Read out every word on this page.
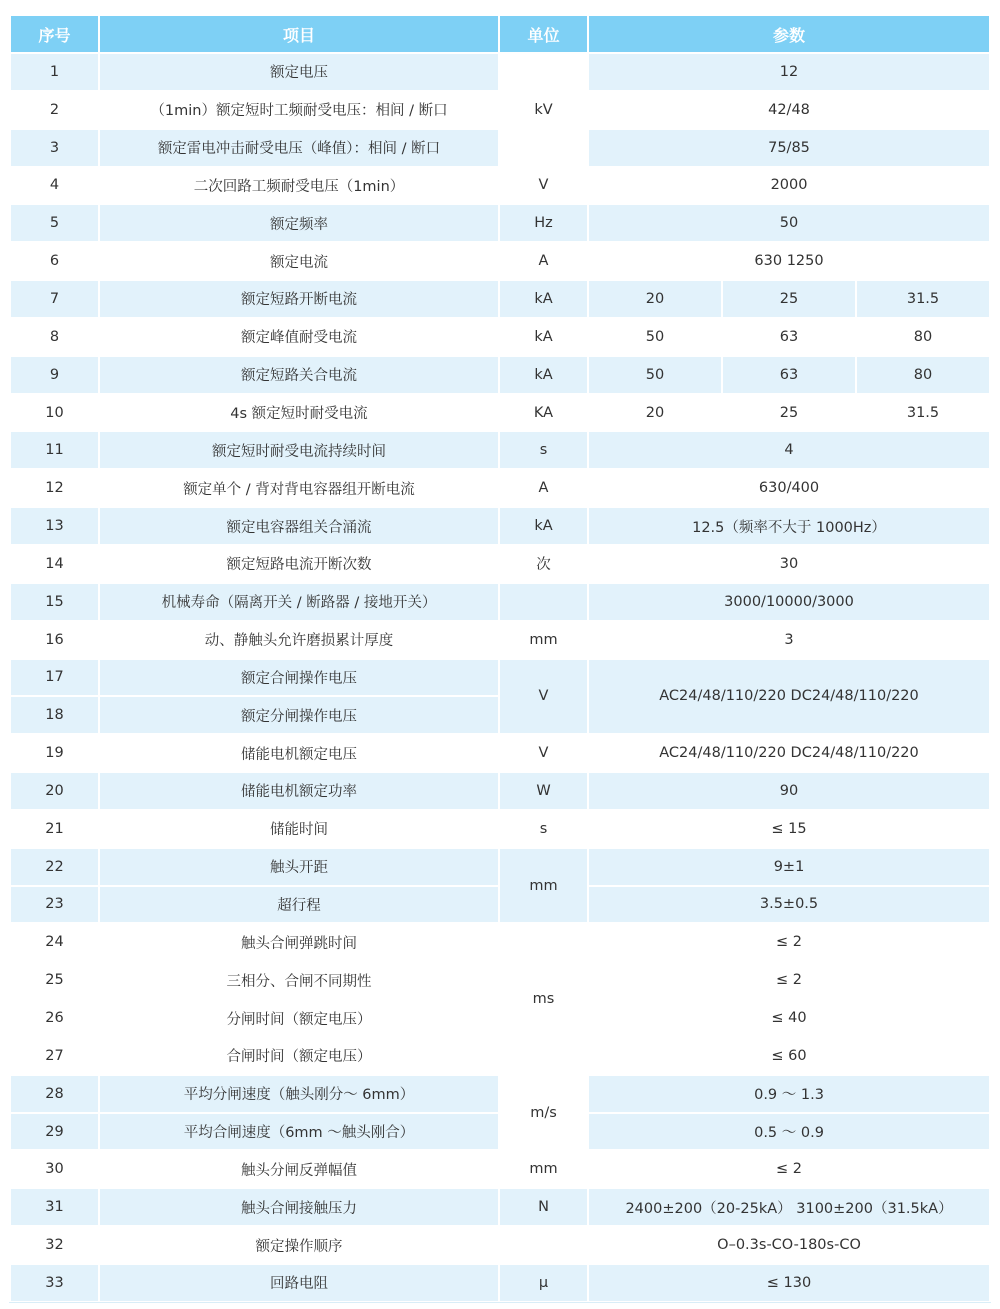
序号	项目	单位	参数		
1	额定电压	kV	12		
2	（1min）额定短时工频耐受电压：相间 / 断口		42/48		
3	额定雷电冲击耐受电压（峰值）：相间 / 断口		75/85		
4	二次回路工频耐受电压（1min）	V	2000		
5	额定频率	Hz	50		
6	额定电流	A	630 1250		
7	额定短路开断电流	kA	20	25	31.5
8	额定峰值耐受电流	kA	50	63	80
9	额定短路关合电流	kA	50	63	80
10	4s 额定短时耐受电流	KA	20	25	31.5
11	额定短时耐受电流持续时间	s	4		
12	额定单个 / 背对背电容器组开断电流	A	630/400		
13	额定电容器组关合涌流	kA	12.5（频率不大于 1000Hz）		
14	额定短路电流开断次数	次	30		
15	机械寿命（隔离开关 / 断路器 / 接地开关）		3000/10000/3000		
16	动、静触头允许磨损累计厚度	mm	3		
17	额定合闸操作电压	V	AC24/48/110/220 DC24/48/110/220		
18	额定分闸操作电压				
19	储能电机额定电压	V	AC24/48/110/220 DC24/48/110/220		
20	储能电机额定功率	W	90		
21	储能时间	s	≤ 15		
22	触头开距	mm	9±1		
23	超行程		3.5±0.5		
24	触头合闸弹跳时间	ms	≤ 2		
25	三相分、合闸不同期性		≤ 2		
26	分闸时间（额定电压）		≤ 40		
27	合闸时间（额定电压）		≤ 60		
28	平均分闸速度（触头刚分～ 6mm）	m/s	0.9 ～ 1.3		
29	平均合闸速度（6mm ～触头刚合）		0.5 ～ 0.9		
30	触头分闸反弹幅值	mm	≤ 2		
31	触头合闸接触压力	N	2400±200（20-25kA） 3100±200（31.5kA）		
32	额定操作顺序		O–0.3s-CO-180s-CO		
33	回路电阻	μ	≤ 130		
